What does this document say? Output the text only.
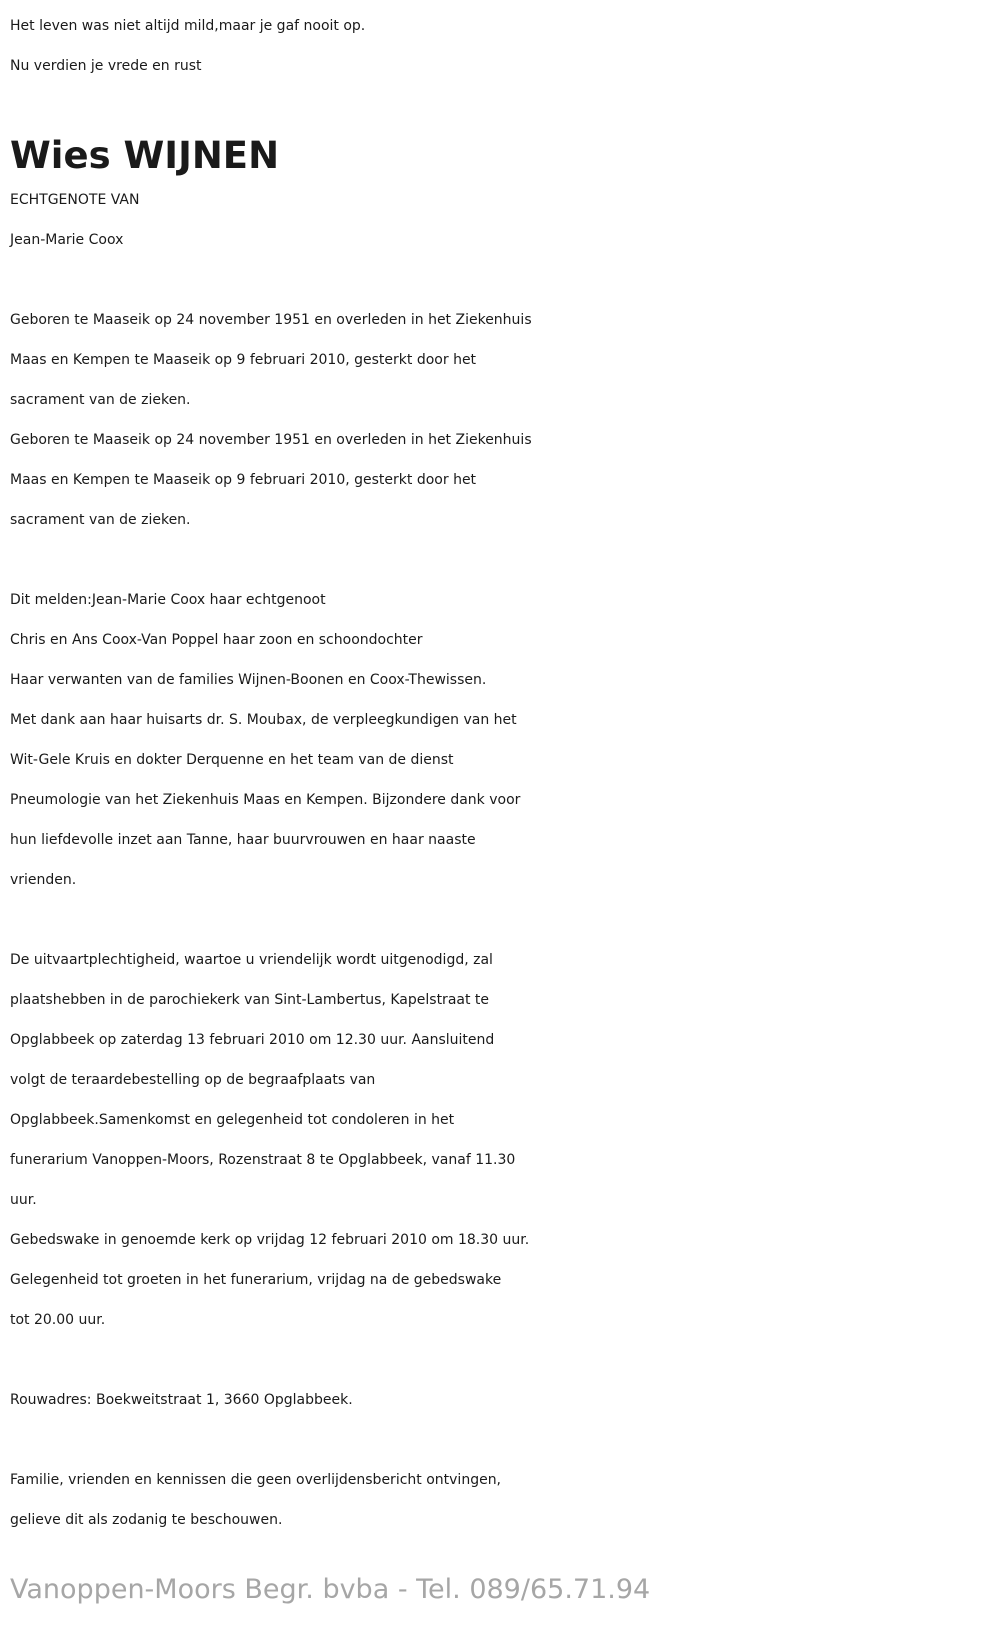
Het leven was niet altijd mild,maar je gaf nooit op.

Nu verdien je vrede en rust

Wies WIJNEN

ECHTGENOTE VAN

Jean-Marie Coox

Geboren te Maaseik op 24 november 1951 en overleden in het Ziekenhuis

Maas en Kempen te Maaseik op 9 februari 2010, gesterkt door het

sacrament van de zieken.

Geboren te Maaseik op 24 november 1951 en overleden in het Ziekenhuis

Maas en Kempen te Maaseik op 9 februari 2010, gesterkt door het

sacrament van de zieken.

Dit melden:Jean-Marie Coox haar echtgenoot

Chris en Ans Coox-Van Poppel haar zoon en schoondochter

Haar verwanten van de families Wijnen-Boonen en Coox-Thewissen.

Met dank aan haar huisarts dr. S. Moubax, de verpleegkundigen van het

Wit-Gele Kruis en dokter Derquenne en het team van de dienst

Pneumologie van het Ziekenhuis Maas en Kempen. Bijzondere dank voor

hun liefdevolle inzet aan Tanne, haar buurvrouwen en haar naaste

vrienden.

De uitvaartplechtigheid, waartoe u vriendelijk wordt uitgenodigd, zal

plaatshebben in de parochiekerk van Sint-Lambertus, Kapelstraat te

Opglabbeek op zaterdag 13 februari 2010 om 12.30 uur. Aansluitend

volgt de teraardebestelling op de begraafplaats van

Opglabbeek.Samenkomst en gelegenheid tot condoleren in het

funerarium Vanoppen-Moors, Rozenstraat 8 te Opglabbeek, vanaf 11.30

uur.

Gebedswake in genoemde kerk op vrijdag 12 februari 2010 om 18.30 uur.

Gelegenheid tot groeten in het funerarium, vrijdag na de gebedswake

tot 20.00 uur.

Rouwadres: Boekweitstraat 1, 3660 Opglabbeek.

Familie, vrienden en kennissen die geen overlijdensbericht ontvingen,

gelieve dit als zodanig te beschouwen.

Vanoppen-Moors Begr. bvba - Tel. 089/65.71.94
